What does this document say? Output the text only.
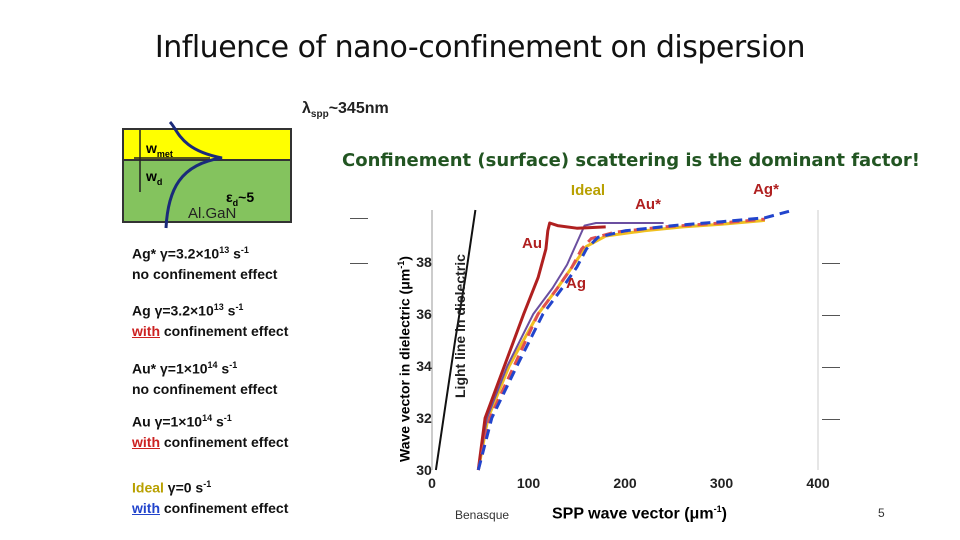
Influence of nano-confinement on dispersion
$\lambda_{spp}\sim 345nm$
$w_{met}$
$w_d$
$\varepsilon_d\sim 5$
Al.GaN
Confinement (surface) scattering is the dominant factor!
Ag* $\gamma=3.2\times 10^{13}$ $s^{-1}$
no confinement effect
Ag $\gamma=3.2\times 10^{13}$ $s^{-1}$
with confinement effect
Au* $\gamma=1\times 10^{14}$ $s^{-1}$
no confinement effect
Au $\gamma=1\times 10^{14}$ $s^{-1}$
with confinement effect
Ideal γ=0 $s^{-1}$
with confinement effect
0	100	200	300	400
30
32
34
36
38
Ideal
Au*
Ag*
Au
Ag
Wave vector in dielectric $(\mu m^{-1})$	Light line in dielectric
SPP wave vector $(\mu m^{-1})$
Benasque	5
